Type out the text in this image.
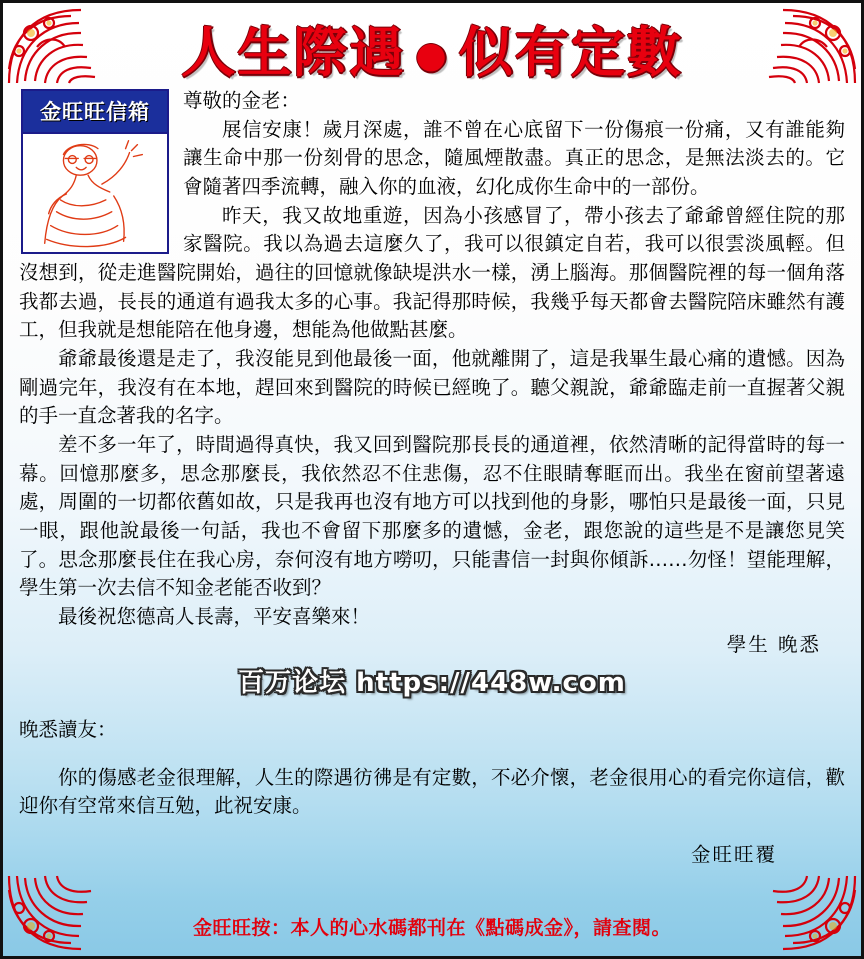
人生際遇 ● 似有定數
金旺旺信箱	尊敬的金老：

展信安康！歲月深處，誰不曾在心底留下一份傷痕一份痛，又有誰能夠讓生命中那一份刻骨的思念，隨風煙散盡。真正的思念，是無法淡去的。它會隨著四季流轉，融入你的血液，幻化成你生命中的一部份。

昨天，我又故地重遊，因為小孩感冒了，帶小孩去了爺爺曾經住院的那家醫院。我以為過去這麼久了，我可以很鎮定自若，我可以很雲淡風輕。但沒想到，從走進醫院開始，過往的回憶就像缺堤洪水一樣，湧上腦海。那個醫院裡的每一個角落我都去過，長長的通道有過我太多的心事。我記得那時候，我幾乎每天都會去醫院陪床雖然有護工，但我就是想能陪在他身邊，想能為他做點甚麼。

爺爺最後還是走了，我沒能見到他最後一面，他就離開了，這是我畢生最心痛的遺憾。因為剛過完年，我沒有在本地，趕回來到醫院的時候已經晚了。聽父親說，爺爺臨走前一直握著父親的手一直念著我的名字。

差不多一年了，時間過得真快，我又回到醫院那長長的通道裡，依然清晰的記得當時的每一幕。回憶那麼多，思念那麼長，我依然忍不住悲傷，忍不住眼睛奪眶而出。我坐在窗前望著遠處，周圍的一切都依舊如故，只是我再也沒有地方可以找到他的身影，哪怕只是最後一面，只見一眼，跟他說最後一句話，我也不會留下那麼多的遺憾，金老，跟您說的這些是不是讓您見笑了。思念那麼長住在我心房，奈何沒有地方嘮叨，只能書信一封與你傾訴……勿怪！望能理解，學生第一次去信不知金老能否收到？

最後祝您德高人長壽，平安喜樂來！

學生 晚悉

百万论坛 https://448w.com

晚悉讀友：

你的傷感老金很理解，人生的際遇彷彿是有定數，不必介懷，老金很用心的看完你這信，歡迎你有空常來信互勉，此祝安康。

金旺旺覆

金旺旺按：本人的心水碼都刊在《點碼成金》，請查閱。
